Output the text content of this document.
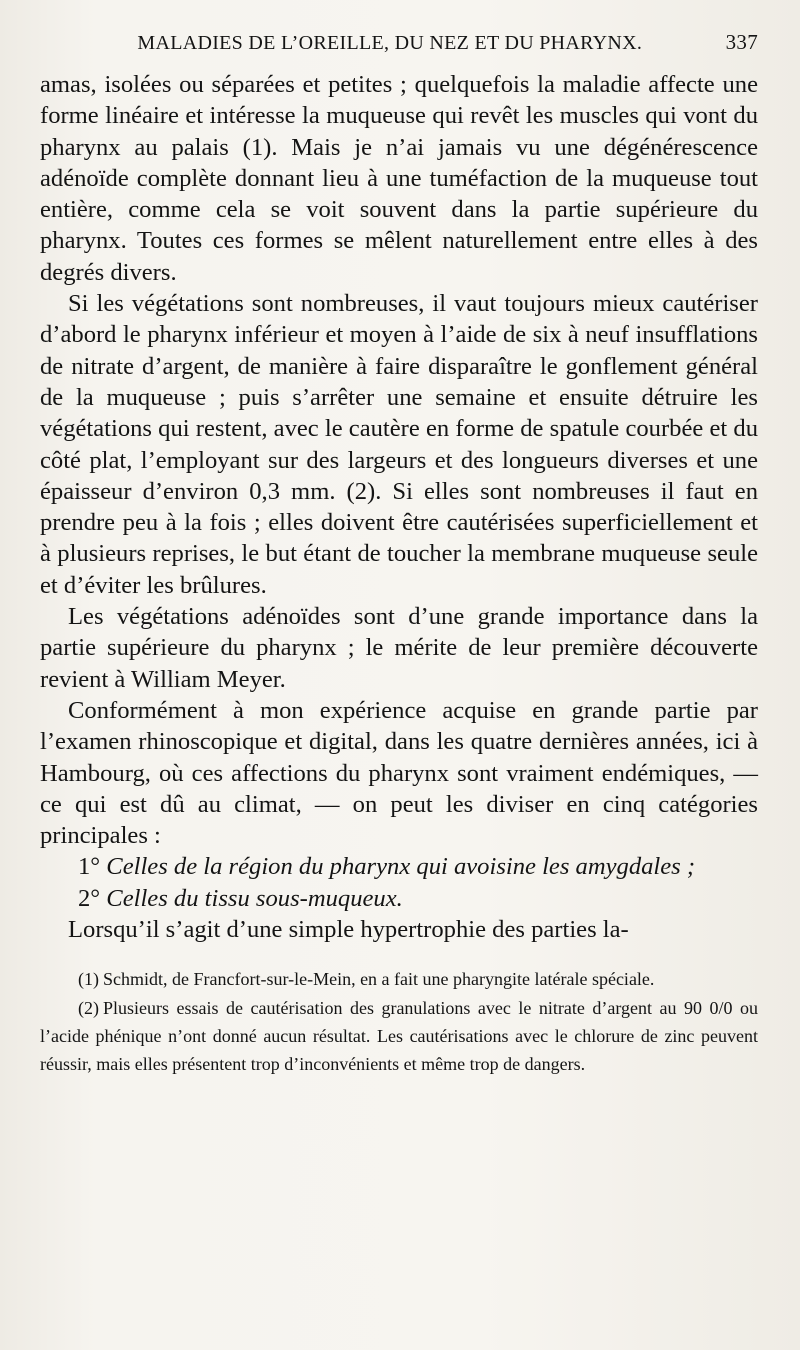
MALADIES DE L’OREILLE, DU NEZ ET DU PHARYNX.	337

amas, isolées ou séparées et petites ; quelquefois la maladie affecte une forme linéaire et intéresse la muqueuse qui revêt les muscles qui vont du pharynx au palais (1). Mais je n’ai jamais vu une dégénérescence adénoïde complète donnant lieu à une tuméfaction de la muqueuse tout entière, comme cela se voit souvent dans la partie supérieure du pharynx. Toutes ces formes se mêlent naturellement entre elles à des degrés divers.

Si les végétations sont nombreuses, il vaut toujours mieux cautériser d’abord le pharynx inférieur et moyen à l’aide de six à neuf insufflations de nitrate d’argent, de manière à faire disparaître le gonflement général de la muqueuse ; puis s’arrêter une semaine et ensuite détruire les végétations qui restent, avec le cautère en forme de spatule courbée et du côté plat, l’employant sur des largeurs et des longueurs diverses et une épaisseur d’environ 0,3 mm. (2). Si elles sont nombreuses il faut en prendre peu à la fois ; elles doivent être cautérisées superficiellement et à plusieurs reprises, le but étant de toucher la membrane muqueuse seule et d’éviter les brûlures.

Les végétations adénoïdes sont d’une grande importance dans la partie supérieure du pharynx ; le mérite de leur première découverte revient à William Meyer.

Conformément à mon expérience acquise en grande partie par l’examen rhinoscopique et digital, dans les quatre dernières années, ici à Hambourg, où ces affections du pharynx sont vraiment endémiques, — ce qui est dû au climat, — on peut les diviser en cinq catégories principales :

1° Celles de la région du pharynx qui avoisine les amygdales ;

2° Celles du tissu sous-muqueux.

Lorsqu’il s’agit d’une simple hypertrophie des parties la-

(1) Schmidt, de Francfort-sur-le-Mein, en a fait une pharyngite latérale spéciale.

(2) Plusieurs essais de cautérisation des granulations avec le nitrate d’argent au 90 0/0 ou l’acide phénique n’ont donné aucun résultat. Les cautérisations avec le chlorure de zinc peuvent réussir, mais elles présentent trop d’inconvénients et même trop de dangers.
